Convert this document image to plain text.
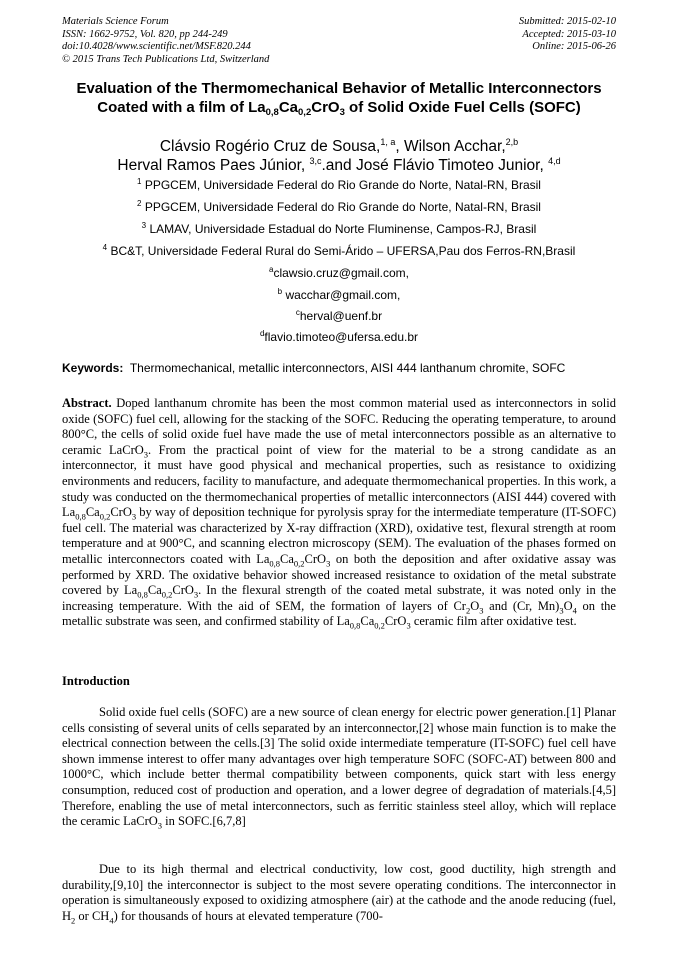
Materials Science Forum
ISSN: 1662-9752, Vol. 820, pp 244-249
doi:10.4028/www.scientific.net/MSF.820.244
© 2015 Trans Tech Publications Ltd, Switzerland
Submitted: 2015-02-10
Accepted: 2015-03-10
Online: 2015-06-26
Evaluation of the Thermomechanical Behavior of Metallic Interconnectors Coated with a film of $La_{0,8}Ca_{0,2}CrO_3$ of Solid Oxide Fuel Cells (SOFC)
Clávsio Rogério Cruz de Sousa,$^{1, a}$, Wilson Acchar,$^{2,b}$
Herval Ramos Paes Júnior, $^{3,c}$.and José Flávio Timoteo Junior, $^{4,d}$
$^1$ PPGCEM, Universidade Federal do Rio Grande do Norte, Natal-RN, Brasil
$^2$ PPGCEM, Universidade Federal do Rio Grande do Norte, Natal-RN, Brasil
$^3$ LAMAV, Universidade Estadual do Norte Fluminense, Campos-RJ, Brasil
$^4$ BC&T, Universidade Federal Rural do Semi-Árido – UFERSA,Pau dos Ferros-RN,Brasil
$^a$clawsio.cruz@gmail.com,
$^b$ wacchar@gmail.com,
$^c$herval@uenf.br
$^d$flavio.timoteo@ufersa.edu.br
Keywords: Thermomechanical, metallic interconnectors, AISI 444 lanthanum chromite, SOFC
Abstract. Doped lanthanum chromite has been the most common material used as interconnectors in solid oxide (SOFC) fuel cell, allowing for the stacking of the SOFC. Reducing the operating temperature, to around 800°C, the cells of solid oxide fuel have made the use of metal interconnectors possible as an alternative to ceramic LaCrO$_3$. From the practical point of view for the material to be a strong candidate as an interconnector, it must have good physical and mechanical properties, such as resistance to oxidizing environments and reducers, facility to manufacture, and adequate thermomechanical properties. In this work, a study was conducted on the thermomechanical properties of metallic interconnectors (AISI 444) covered with $La_{0,8}Ca_{0,2}CrO_3$ by way of deposition technique for pyrolysis spray for the intermediate temperature (IT-SOFC) fuel cell. The material was characterized by X-ray diffraction (XRD), oxidative test, flexural strength at room temperature and at 900°C, and scanning electron microscopy (SEM). The evaluation of the phases formed on metallic interconnectors coated with $La_{0,8}Ca_{0,2}CrO_3$ on both the deposition and after oxidative assay was performed by XRD. The oxidative behavior showed increased resistance to oxidation of the metal substrate covered by $La_{0,8}Ca_{0,2}CrO_3$. In the flexural strength of the coated metal substrate, it was noted only in the increasing temperature. With the aid of SEM, the formation of layers of $Cr_2O_3$ and (Cr, $Mn)_3O_4$ on the metallic substrate was seen, and confirmed stability of $La_{0,8}Ca_{0,2}CrO_3$ ceramic film after oxidative test.
Introduction
Solid oxide fuel cells (SOFC) are a new source of clean energy for electric power generation.[1] Planar cells consisting of several units of cells separated by an interconnector,[2] whose main function is to make the electrical connection between the cells.[3] The solid oxide intermediate temperature (IT-SOFC) fuel cell have shown immense interest to offer many advantages over high temperature SOFC (SOFC-AT) between 800 and 1000°C, which include better thermal compatibility between components, quick start with less energy consumption, reduced cost of production and operation, and a lower degree of degradation of materials.[4,5] Therefore, enabling the use of metal interconnectors, such as ferritic stainless steel alloy, which will replace the ceramic LaCrO$_3$ in SOFC.[6,7,8]
Due to its high thermal and electrical conductivity, low cost, good ductility, high strength and durability,[9,10] the interconnector is subject to the most severe operating conditions. The interconnector in operation is simultaneously exposed to oxidizing atmosphere (air) at the cathode and the anode reducing (fuel, $H_2$ or $CH_4$) for thousands of hours at elevated temperature (700-
